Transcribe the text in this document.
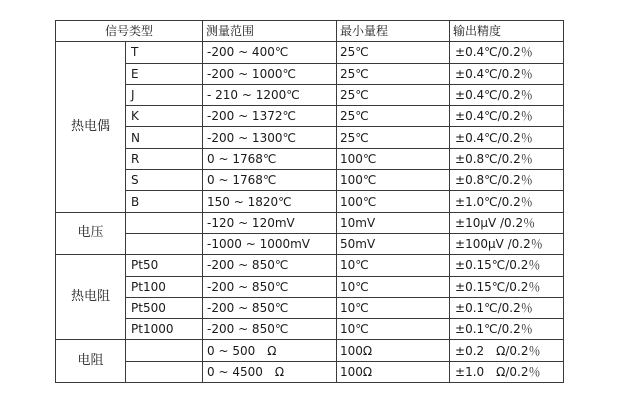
信号类型		测量范围	最小量程	输出精度
热电偶	T	-200 ~ 400℃	25℃	±0.4℃/0.2％
	E	-200 ~ 1000℃	25℃	±0.4℃/0.2％
	J	- 210 ~ 1200℃	25℃	±0.4℃/0.2％
	K	-200 ~ 1372℃	25℃	±0.4℃/0.2％
	N	-200 ~ 1300℃	25℃	±0.4℃/0.2％
	R	0 ~ 1768℃	100℃	±0.8℃/0.2％
	S	0 ~ 1768℃	100℃	±0.8℃/0.2％
	B	150 ~ 1820℃	100℃	±1.0℃/0.2％
电压		-120 ~ 120mV	10mV	±10μV /0.2％
		-1000 ~ 1000mV	50mV	±100μV /0.2％
热电阻	Pt50	-200 ~ 850℃	10℃	±0.15℃/0.2％
	Pt100	-200 ~ 850℃	10℃	±0.15℃/0.2％
	Pt500	-200 ~ 850℃	10℃	±0.1℃/0.2％
	Pt1000	-200 ~ 850℃	10℃	±0.1℃/0.2％
电阻		0 ~ 500　Ω	100Ω	±0.2　Ω/0.2％
		0 ~ 4500　Ω	100Ω	±1.0　Ω/0.2％
